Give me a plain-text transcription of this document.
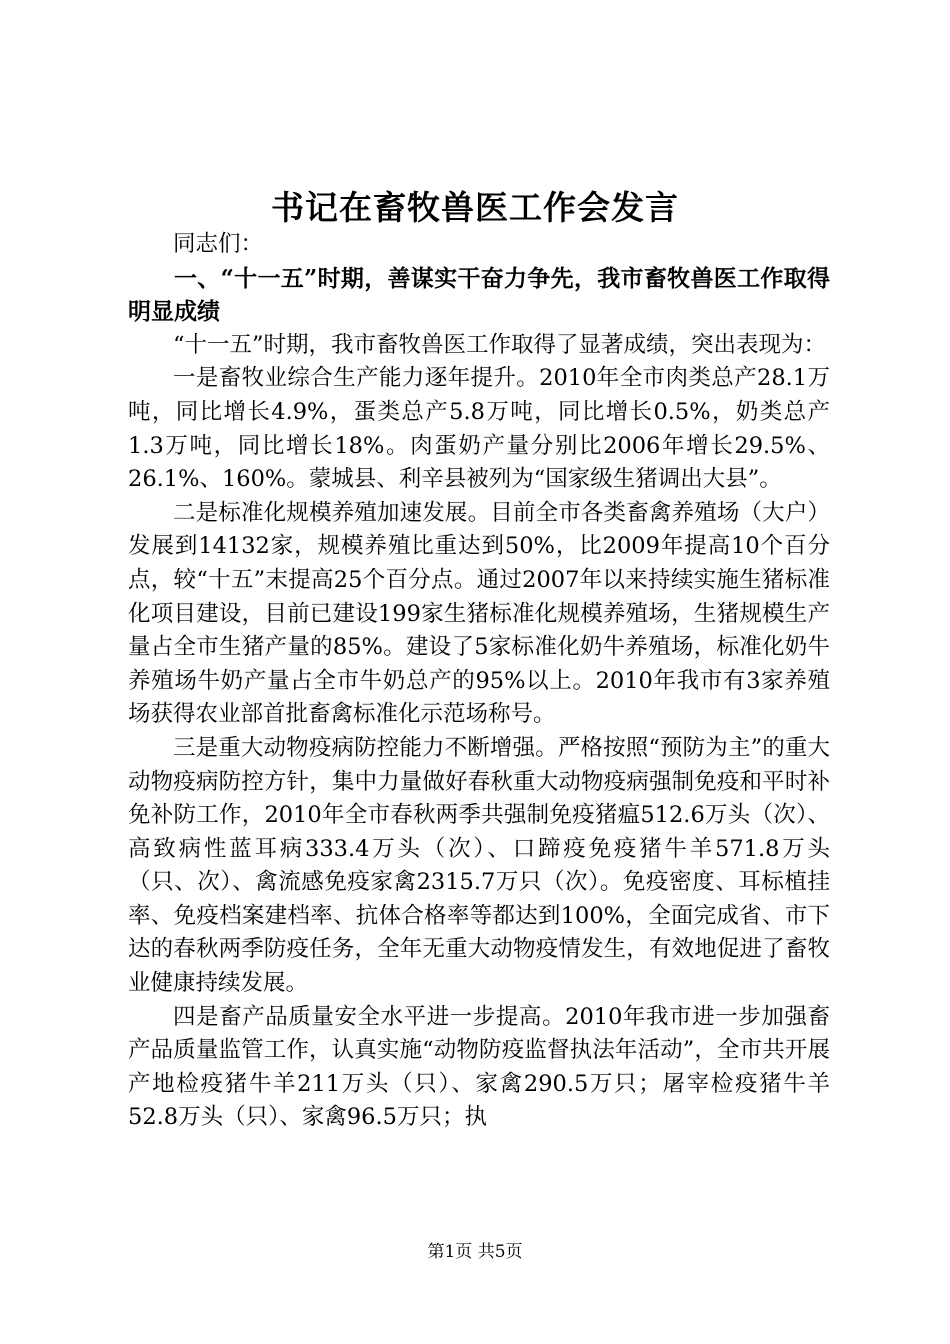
书记在畜牧兽医工作会发言

同志们：

一、“十一五”时期，善谋实干奋力争先，我市畜牧兽医工作取得明显成绩

“十一五”时期，我市畜牧兽医工作取得了显著成绩，突出表现为：

一是畜牧业综合生产能力逐年提升。2010年全市肉类总产28.1万吨，同比增长4.9%，蛋类总产5.8万吨，同比增长0.5%，奶类总产1.3万吨，同比增长18%。肉蛋奶产量分别比2006年增长29.5%、26.1%、160%。蒙城县、利辛县被列为“国家级生猪调出大县”。

二是标准化规模养殖加速发展。目前全市各类畜禽养殖场（大户）发展到14132家，规模养殖比重达到50%，比2009年提高10个百分点，较“十五”末提高25个百分点。通过2007年以来持续实施生猪标准化项目建设，目前已建设199家生猪标准化规模养殖场，生猪规模生产量占全市生猪产量的85%。建设了5家标准化奶牛养殖场，标准化奶牛养殖场牛奶产量占全市牛奶总产的95%以上。2010年我市有3家养殖场获得农业部首批畜禽标准化示范场称号。

三是重大动物疫病防控能力不断增强。严格按照“预防为主”的重大动物疫病防控方针，集中力量做好春秋重大动物疫病强制免疫和平时补免补防工作，2010年全市春秋两季共强制免疫猪瘟512.6万头（次）、高致病性蓝耳病333.4万头（次）、口蹄疫免疫猪牛羊571.8万头（只、次）、禽流感免疫家禽2315.7万只（次）。免疫密度、耳标植挂率、免疫档案建档率、抗体合格率等都达到100%，全面完成省、市下达的春秋两季防疫任务，全年无重大动物疫情发生，有效地促进了畜牧业健康持续发展。

四是畜产品质量安全水平进一步提高。2010年我市进一步加强畜产品质量监管工作，认真实施“动物防疫监督执法年活动”，全市共开展产地检疫猪牛羊211万头（只）、家禽290.5万只；屠宰检疫猪牛羊52.8万头（只）、家禽96.5万只；执

第1页 共5页
